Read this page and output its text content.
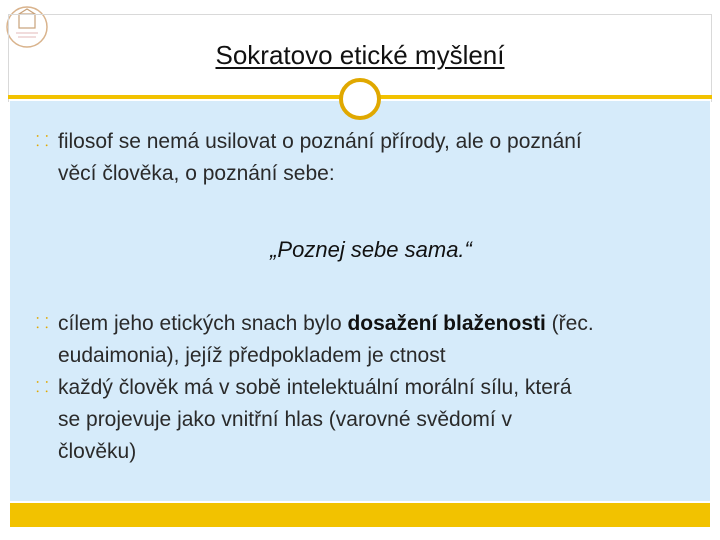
Sokratovo etické myšlení
⸬ filosof se nemá usilovat o poznání přírody, ale o poznání
věcí člověka, o poznání sebe:
„Poznej sebe sama.“
⸬ cílem jeho etických snach bylo dosažení blaženosti (řec.
eudaimonia), jejíž předpokladem je ctnost
⸬ každý člověk má v sobě intelektuální morální sílu, která
se projevuje jako vnitřní hlas (varovné svědomí v
člověku)
